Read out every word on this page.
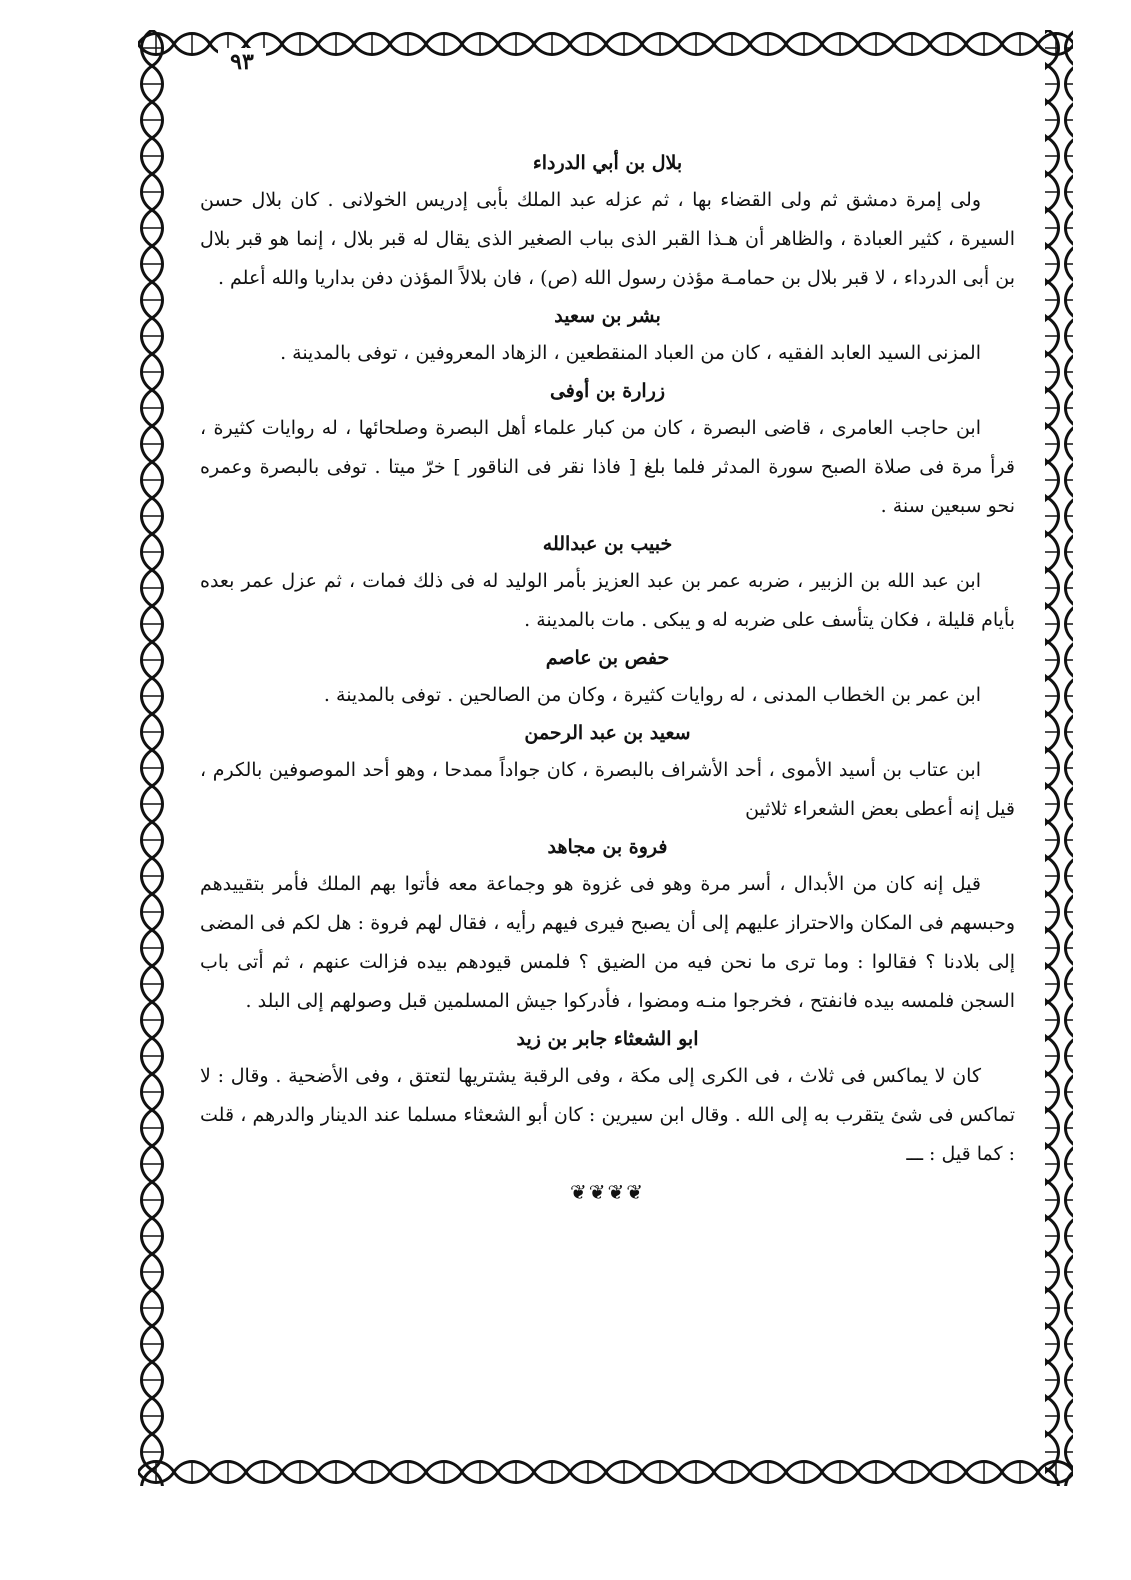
٩٣
بلال بن أبي الدرداء

ولى إمرة دمشق ثم ولى القضاء بها ، ثم عزله عبد الملك بأبى إدريس الخولانى . كان بلال حسن السيرة ، كثير العبادة ، والظاهر أن هـذا القبر الذى بباب الصغير الذى يقال له قبر بلال ، إنما هو قبر بلال بن أبى الدرداء ، لا قبر بلال بن حمامـة مؤذن رسول الله (ص) ، فان بلالاً المؤذن دفن بداريا والله أعلم .

بشر بن سعيد

المزنى السيد العابد الفقيه ، كان من العباد المنقطعين ، الزهاد المعروفين ، توفى بالمدينة .

زرارة بن أوفى

ابن حاجب العامرى ، قاضى البصرة ، كان من كبار علماء أهل البصرة وصلحائها ، له روايات كثيرة ، قرأ مرة فى صلاة الصبح سورة المدثر فلما بلغ [ فاذا نقر فى الناقور ] خرّ ميتا . توفى بالبصرة وعمره نحو سبعين سنة .

خبيب بن عبدالله

ابن عبد الله بن الزبير ، ضربه عمر بن عبد العزيز بأمر الوليد له فى ذلك فمات ، ثم عزل عمر بعده بأيام قليلة ، فكان يتأسف على ضربه له و يبكى . مات بالمدينة .

حفص بن عاصم

ابن عمر بن الخطاب المدنى ، له روايات كثيرة ، وكان من الصالحين . توفى بالمدينة .

سعيد بن عبد الرحمن

ابن عتاب بن أسيد الأموى ، أحد الأشراف بالبصرة ، كان جواداً ممدحا ، وهو أحد الموصوفين بالكرم ، قيل إنه أعطى بعض الشعراء ثلاثين

فروة بن مجاهد

قيل إنه كان من الأبدال ، أسر مرة وهو فى غزوة هو وجماعة معه فأتوا بهم الملك فأمر بتقييدهم وحبسهم فى المكان والاحتراز عليهم إلى أن يصبح فيرى فيهم رأيه ، فقال لهم فروة : هل لكم فى المضى إلى بلادنا ؟ فقالوا : وما ترى ما نحن فيه من الضيق ؟ فلمس قيودهم بيده فزالت عنهم ، ثم أتى باب السجن فلمسه بيده فانفتح ، فخرجوا منـه ومضوا ، فأدركوا جيش المسلمين قبل وصولهم إلى البلد .

ابو الشعثاء جابر بن زيد

كان لا يماكس فى ثلاث ، فى الكرى إلى مكة ، وفى الرقبة يشتريها لتعتق ، وفى الأضحية . وقال : لا تماكس فى شئ يتقرب به إلى الله . وقال ابن سيرين : كان أبو الشعثاء مسلما عند الدينار والدرهم ، قلت : كما قيل : ـــ

❦❦❦❦
